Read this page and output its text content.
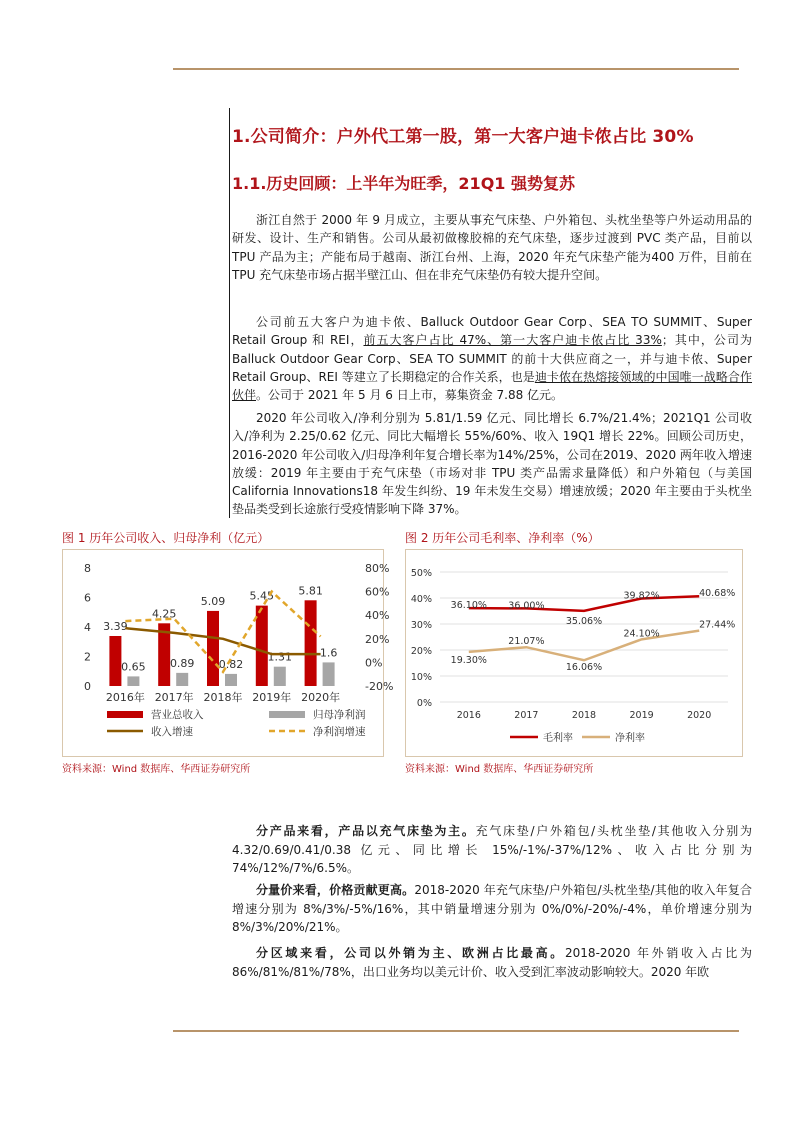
1.公司简介：户外代工第一股，第一大客户迪卡侬占比 30%
1.1.历史回顾：上半年为旺季，21Q1 强势复苏

浙江自然于 2000 年 9 月成立，主要从事充气床垫、户外箱包、头枕坐垫等户外运动用品的研发、设计、生产和销售。公司从最初做橡胶棉的充气床垫，逐步过渡到 PVC 类产品，目前以 TPU 产品为主；产能布局于越南、浙江台州、上海，2020 年充气床垫产能为400 万件，目前在 TPU 充气床垫市场占据半壁江山、但在非充气床垫仍有较大提升空间。

公司前五大客户为迪卡侬、Balluck Outdoor Gear Corp、SEA TO SUMMIT、Super Retail Group 和 REI，前五大客户占比 47%、第一大客户迪卡侬占比 33%；其中，公司为 Balluck Outdoor Gear Corp、SEA TO SUMMIT 的前十大供应商之一，并与迪卡侬、Super Retail Group、REI 等建立了长期稳定的合作关系，也是迪卡侬在热熔接领域的中国唯一战略合作伙伴。公司于 2021 年 5 月 6 日上市，募集资金 7.88 亿元。

2020 年公司收入/净利分别为 5.81/1.59 亿元、同比增长 6.7%/21.4%；2021Q1 公司收入/净利为 2.25/0.62 亿元、同比大幅增长 55%/60%、收入 19Q1 增长 22%。回顾公司历史，2016-2020 年公司收入/归母净利年复合增长率为14%/25%，公司在2019、2020 两年收入增速放缓：2019 年主要由于充气床垫（市场对非 TPU 类产品需求量降低）和户外箱包（与美国 California Innovations18 年发生纠纷、19 年未发生交易）增速放缓；2020 年主要由于头枕坐垫品类受到长途旅行受疫情影响下降 37%。

图 1 历年公司收入、归母净利（亿元）	图 2 历年公司毛利率、净利率（%）
0
2
4
6
8
-20%
0%
20%
40%
60%
80%
2016年 2017年 2018年 2019年 2020年
3.39
4.25
5.09 5.45 5.81
0.65 0.89 0.82
1.31	1.6
营业总收入	归母净利润
收入增速	净利润增速
0%
10%
20%
30%
40%
50%
2016	2017	2018	2019	2020
36.10% 36.00%
35.06%
39.82%	40.68%
19.30%
21.07%
16.06%
24.10%
27.44%
毛利率	净利率
资料来源：Wind 数据库、华西证券研究所	资料来源：Wind 数据库、华西证券研究所

分产品来看，产品以充气床垫为主。充气床垫/户外箱包/头枕坐垫/其他收入分别为 4.32/0.69/0.41/0.38 亿元、同比增长 15%/-1%/-37%/12%、收入占比分别为 74%/12%/7%/6.5%。

分量价来看，价格贡献更高。2018-2020 年充气床垫/户外箱包/头枕坐垫/其他的收入年复合增速分别为 8%/3%/-5%/16%，其中销量增速分别为 0%/0%/-20%/-4%，单价增速分别为 8%/3%/20%/21%。

分区域来看，公司以外销为主、欧洲占比最高。2018-2020 年外销收入占比为 86%/81%/81%/78%，出口业务均以美元计价、收入受到汇率波动影响较大。2020 年欧
